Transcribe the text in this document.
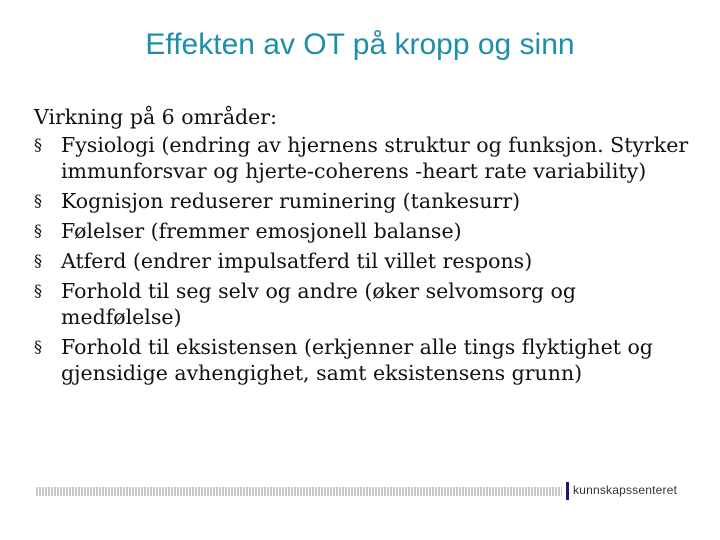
Effekten av OT på kropp og sinn

Virkning på 6 områder:

§ Fysiologi (endring av hjernens struktur og funksjon. Styrker immunforsvar og hjerte-coherens -heart rate variability)
§ Kognisjon reduserer ruminering (tankesurr)
§ Følelser (fremmer emosjonell balanse)
§ Atferd (endrer impulsatferd til villet respons)
§ Forhold til seg selv og andre (øker selvomsorg og medfølelse)
§ Forhold til eksistensen (erkjenner alle tings flyktighet og gjensidige avhengighet, samt eksistensens grunn)
kunnskapssenteret
